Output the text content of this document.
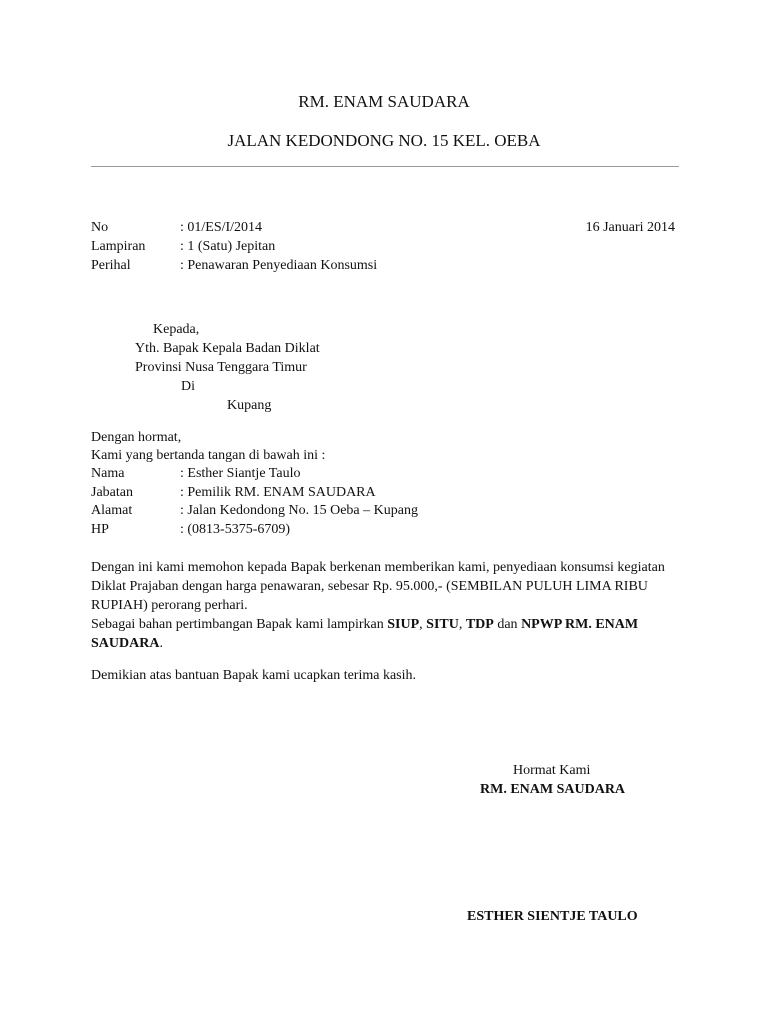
RM. ENAM SAUDARA
JALAN KEDONDONG NO. 15 KEL. OEBA
No	: 01/ES/I/2014	16 Januari 2014
Lampiran : 1 (Satu) Jepitan
Perihal	: Penawaran Penyediaan Konsumsi
Kepada,
Yth. Bapak Kepala Badan Diklat
Provinsi Nusa Tenggara Timur
Di
Kupang
Dengan hormat,
Kami yang bertanda tangan di bawah ini :
Nama	: Esther Siantje Taulo
Jabatan	: Pemilik RM. ENAM SAUDARA
Alamat	: Jalan Kedondong No. 15 Oeba – Kupang
HP	: (0813-5375-6709)
Dengan ini kami memohon kepada Bapak berkenan memberikan kami, penyediaan konsumsi kegiatan
Diklat Prajaban dengan harga penawaran, sebesar Rp. 95.000,- (SEMBILAN PULUH LIMA RIBU
RUPIAH) perorang perhari.
Sebagai bahan pertimbangan Bapak kami lampirkan SIUP, SITU, TDP dan NPWP RM. ENAM
SAUDARA.
Demikian atas bantuan Bapak kami ucapkan terima kasih.
Hormat Kami
RM. ENAM SAUDARA
ESTHER SIENTJE TAULO
